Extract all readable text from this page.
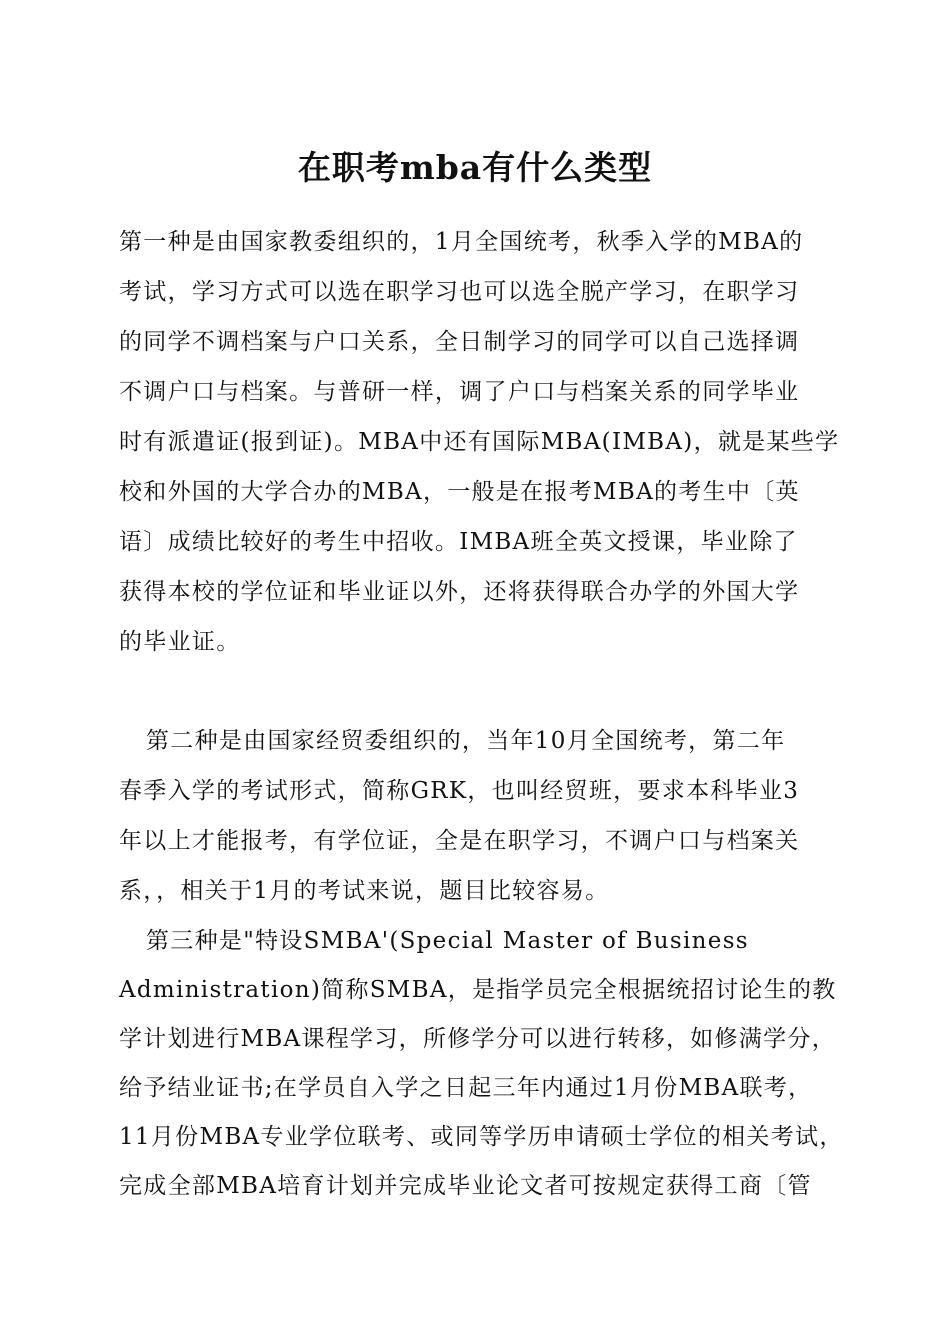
在职考mba有什么类型
第一种是由国家教委组织的，1月全国统考，秋季入学的MBA的
考试，学习方式可以选在职学习也可以选全脱产学习，在职学习
的同学不调档案与户口关系，全日制学习的同学可以自己选择调
不调户口与档案。与普研一样，调了户口与档案关系的同学毕业
时有派遣证(报到证)。MBA中还有国际MBA(IMBA)，就是某些学
校和外国的大学合办的MBA，一般是在报考MBA的考生中〔英
语〕成绩比较好的考生中招收。IMBA班全英文授课，毕业除了
获得本校的学位证和毕业证以外，还将获得联合办学的外国大学
的毕业证。
第二种是由国家经贸委组织的，当年10月全国统考，第二年
春季入学的考试形式，简称GRK，也叫经贸班，要求本科毕业3
年以上才能报考，有学位证，全是在职学习，不调户口与档案关
系，，相关于1月的考试来说，题目比较容易。
第三种是"特设SMBA'(Special Master of Business
Administration)简称SMBA，是指学员完全根据统招讨论生的教
学计划进行MBA课程学习，所修学分可以进行转移，如修满学分，
给予结业证书;在学员自入学之日起三年内通过1月份MBA联考，
11月份MBA专业学位联考、或同等学历申请硕士学位的相关考试，
完成全部MBA培育计划并完成毕业论文者可按规定获得工商〔管
